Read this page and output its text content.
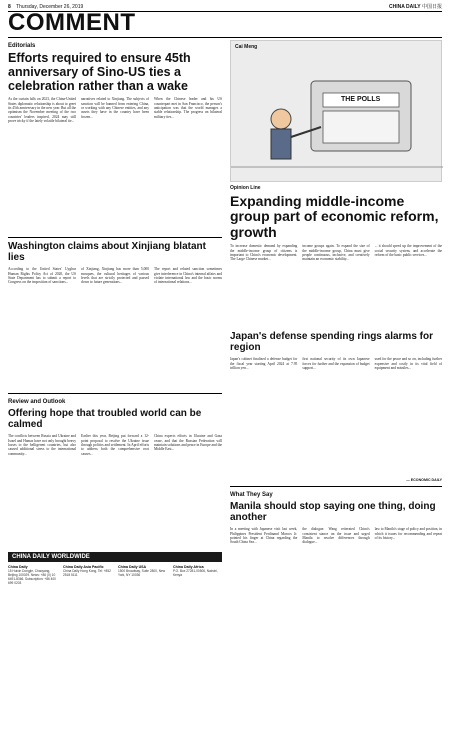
8 Thursday, December 26, 2019	CHINA DAILY 中国日报
COMMENT
Editorials
Efforts required to ensure 45th anniversary of Sino-US ties a celebration rather than a wake

As the curtain falls on 2023, the China-United States diplomatic relationship is about to greet its 45th anniversary in the new year. But all the optimism the November meeting of the two countries' leaders inspired, 2024 may still prove tricky if the lately volatile bilateral tie...

narratives related to Xinjiang. The subjects of sanction will be banned from entering China, or working with any Chinese entities, and any assets they have in the country have been frozen...

When the Chinese leader and his US counterpart met in San Francisco, the person's anticipation was that the world manages a stable relationship. The progress on bilateral military ties...

Washington claims about Xinjiang blatant lies

According to the United States' Uyghur Human Rights Policy Act of 2020, the US State Department has to submit a report to Congress on the imposition of sanctions...

of Xinjiang, Xinjiang has more than 5,000 mosques, the cultural heritages of various levels that are strictly protected and passed down to future generations...

The report and related sanction sometimes give interference in China's internal affairs and violate international law and the basic norms of international relations...

Review and Outlook
Offering hope that troubled world can be calmed

The conflicts between Russia and Ukraine and Israel and Hamas have not only brought heavy losses to the belligerent countries, but also caused additional stress to the international community...

Earlier this year, Beijing put forward a 12-point proposal to resolve the Ukraine issue through politics and settlement. In April efforts to address both the comprehensive root causes...

China expects efforts in Ukraine and Gaza cease, and that the Russian Federation will maintain solutions and peace in Europe and the Middle East...

CHINA DAILY WORLDWIDE
China Daily
15 Huixin Dongjie, Chaoyang, Beijing 100029. News: +86 (0) 10 6491-8366. Subscription: +86 400 699 0203
China Daily Asia Pacific
China Daily Hong Kong, Tel: +852 2518 5111
China Daily USA
1500 Broadway, Suite 2800, New York, NY 10036
China Daily Africa
P.O. Box 27281-00506, Nairobi, Kenya
Cai Meng
THE POLLS
Opinion Line
Expanding middle-income group part of economic reform, growth

To increase domestic demand by expanding the middle-income group of citizens is important to China's economic development. The Large Chinese market...

income groups again. To expand the size of the middle-income group, China must give people continuous, inclusive, and creatively maintain an economic stability...

... it should speed up the improvement of the social security system, and accelerate the reform of the basic public services...

Japan's defense spending rings alarms for region

Japan's cabinet finalized a defense budget for the fiscal year starting April 2024 at 7.95 trillion yen...

first national security of its own Japanese forces for further and the expansion of budget support...

used for the peace and so on, including further expensive and costly in its vital field of equipment and missiles...

— ECONOMIC DAILY
What They Say
Manila should stop saying one thing, doing another

In a meeting with Japanese visit last week, Philippines President Ferdinand Marcos Jr. pointed his finger at China regarding the South China Sea...

the dialogue. Wang reiterated China's consistent stance on the issue and urged Manila to resolve differences through dialogue...

law to Manila's stage of policy and position, in which it issues for recommending and repeat of its history...
